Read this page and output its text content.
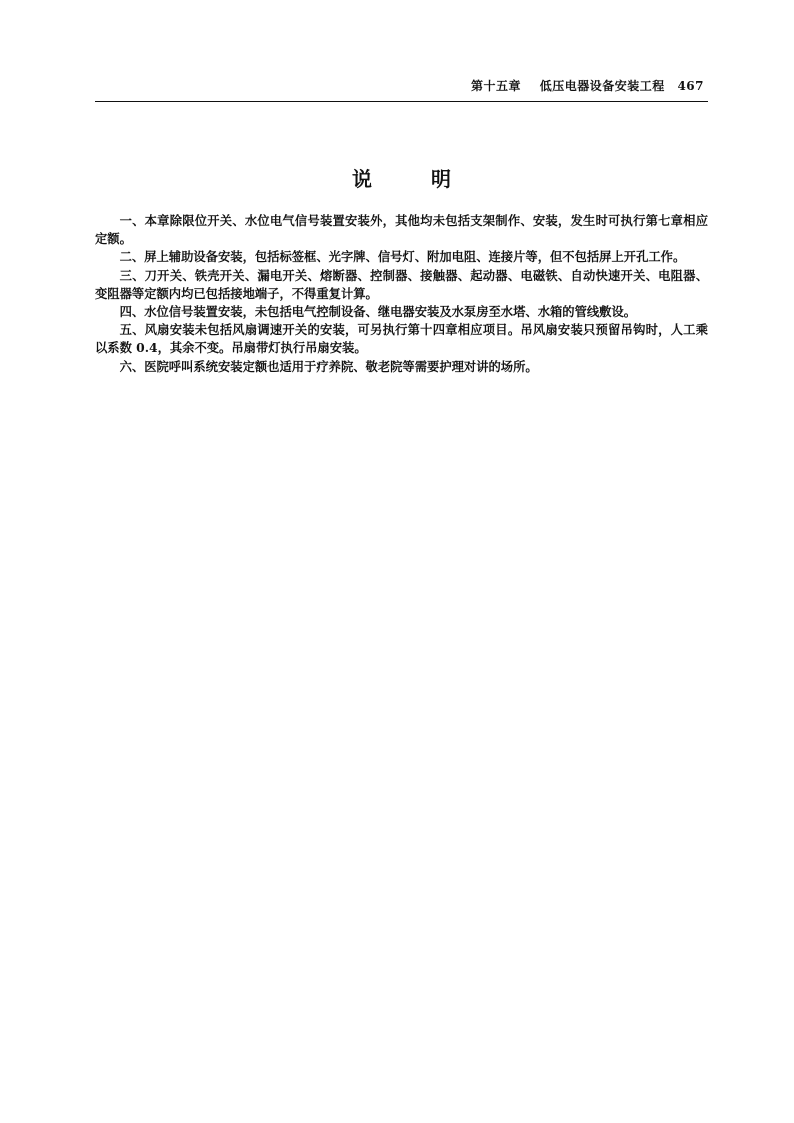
第十五章 低压电器设备安装工程 467
说 明

一、本章除限位开关、水位电气信号装置安装外，其他均未包括支架制作、安装，发生时可执行第七章相应定额。

二、屏上辅助设备安装，包括标签框、光字牌、信号灯、附加电阻、连接片等，但不包括屏上开孔工作。

三、刀开关、铁壳开关、漏电开关、熔断器、控制器、接触器、起动器、电磁铁、自动快速开关、电阻器、变阻器等定额内均已包括接地端子，不得重复计算。

四、水位信号装置安装，未包括电气控制设备、继电器安装及水泵房至水塔、水箱的管线敷设。

五、风扇安装未包括风扇调速开关的安装，可另执行第十四章相应项目。吊风扇安装只预留吊钩时，人工乘以系数 0.4，其余不变。吊扇带灯执行吊扇安装。

六、医院呼叫系统安装定额也适用于疗养院、敬老院等需要护理对讲的场所。
